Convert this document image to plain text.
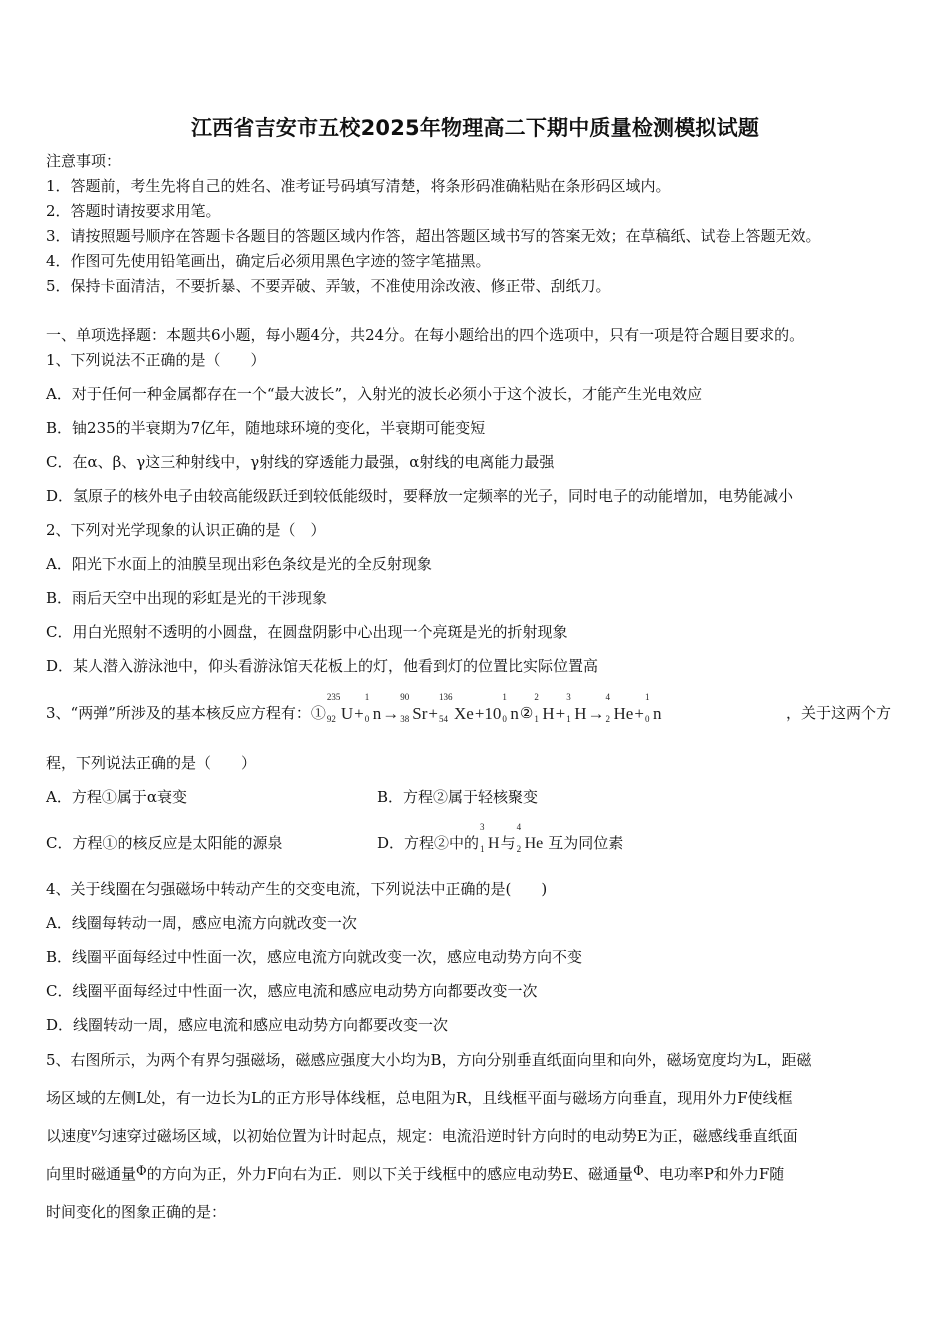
江西省吉安市五校2025年物理高二下期中质量检测模拟试题
注意事项：
1．答题前，考生先将自己的姓名、准考证号码填写清楚，将条形码准确粘贴在条形码区域内。
2．答题时请按要求用笔。
3．请按照题号顺序在答题卡各题目的答题区域内作答，超出答题区域书写的答案无效；在草稿纸、试卷上答题无效。
4．作图可先使用铅笔画出，确定后必须用黑色字迹的签字笔描黑。
5．保持卡面清洁，不要折暴、不要弄破、弄皱，不准使用涂改液、修正带、刮纸刀。
一、单项选择题：本题共6小题，每小题4分，共24分。在每小题给出的四个选项中，只有一项是符合题目要求的。
1、下列说法不正确的是（　　）
A．对于任何一种金属都存在一个“最大波长”，入射光的波长必须小于这个波长，才能产生光电效应
B．铀235的半衰期为7亿年，随地球环境的变化，半衰期可能变短
C．在α、β、γ这三种射线中，γ射线的穿透能力最强，α射线的电离能力最强
D．氢原子的核外电子由较高能级跃迁到较低能级时，要释放一定频率的光子，同时电子的动能增加，电势能减小
2、下列对光学现象的认识正确的是（　）
A．阳光下水面上的油膜呈现出彩色条纹是光的全反射现象
B．雨后天空中出现的彩虹是光的干涉现象
C．用白光照射不透明的小圆盘，在圆盘阴影中心出现一个亮斑是光的折射现象
D．某人潜入游泳池中，仰头看游泳馆天花板上的灯，他看到灯的位置比实际位置高
3、“两弹”所涉及的基本核反应方程有：①
235
92 U+
1
0 n→
90
38 Sr+
136
54 Xe+10
1
0 n②
2
1 H+
3
1 H→
4
2 He+
1
0 n	，关于这两个方
程，下列说法正确的是（　　）
A．方程①属于α衰变	B．方程②属于轻核聚变
C．方程①的核反应是太阳能的源泉	D．方程②中的
3
1 H与
4
2 He 互为同位素
4、关于线圈在匀强磁场中转动产生的交变电流，下列说法中正确的是(　　)
A．线圈每转动一周，感应电流方向就改变一次
B．线圈平面每经过中性面一次，感应电流方向就改变一次，感应电动势方向不变
C．线圈平面每经过中性面一次，感应电流和感应电动势方向都要改变一次
D．线圈转动一周，感应电流和感应电动势方向都要改变一次
5、右图所示，为两个有界匀强磁场，磁感应强度大小均为B，方向分别垂直纸面向里和向外，磁场宽度均为L，距磁
场区域的左侧L处，有一边长为L的正方形导体线框，总电阻为R，且线框平面与磁场方向垂直，现用外力F使线框
以速度v匀速穿过磁场区域，以初始位置为计时起点，规定：电流沿逆时针方向时的电动势E为正，磁感线垂直纸面
向里时磁通量Φ的方向为正，外力F向右为正．则以下关于线框中的感应电动势E、磁通量Φ、电功率P和外力F随
时间变化的图象正确的是：
